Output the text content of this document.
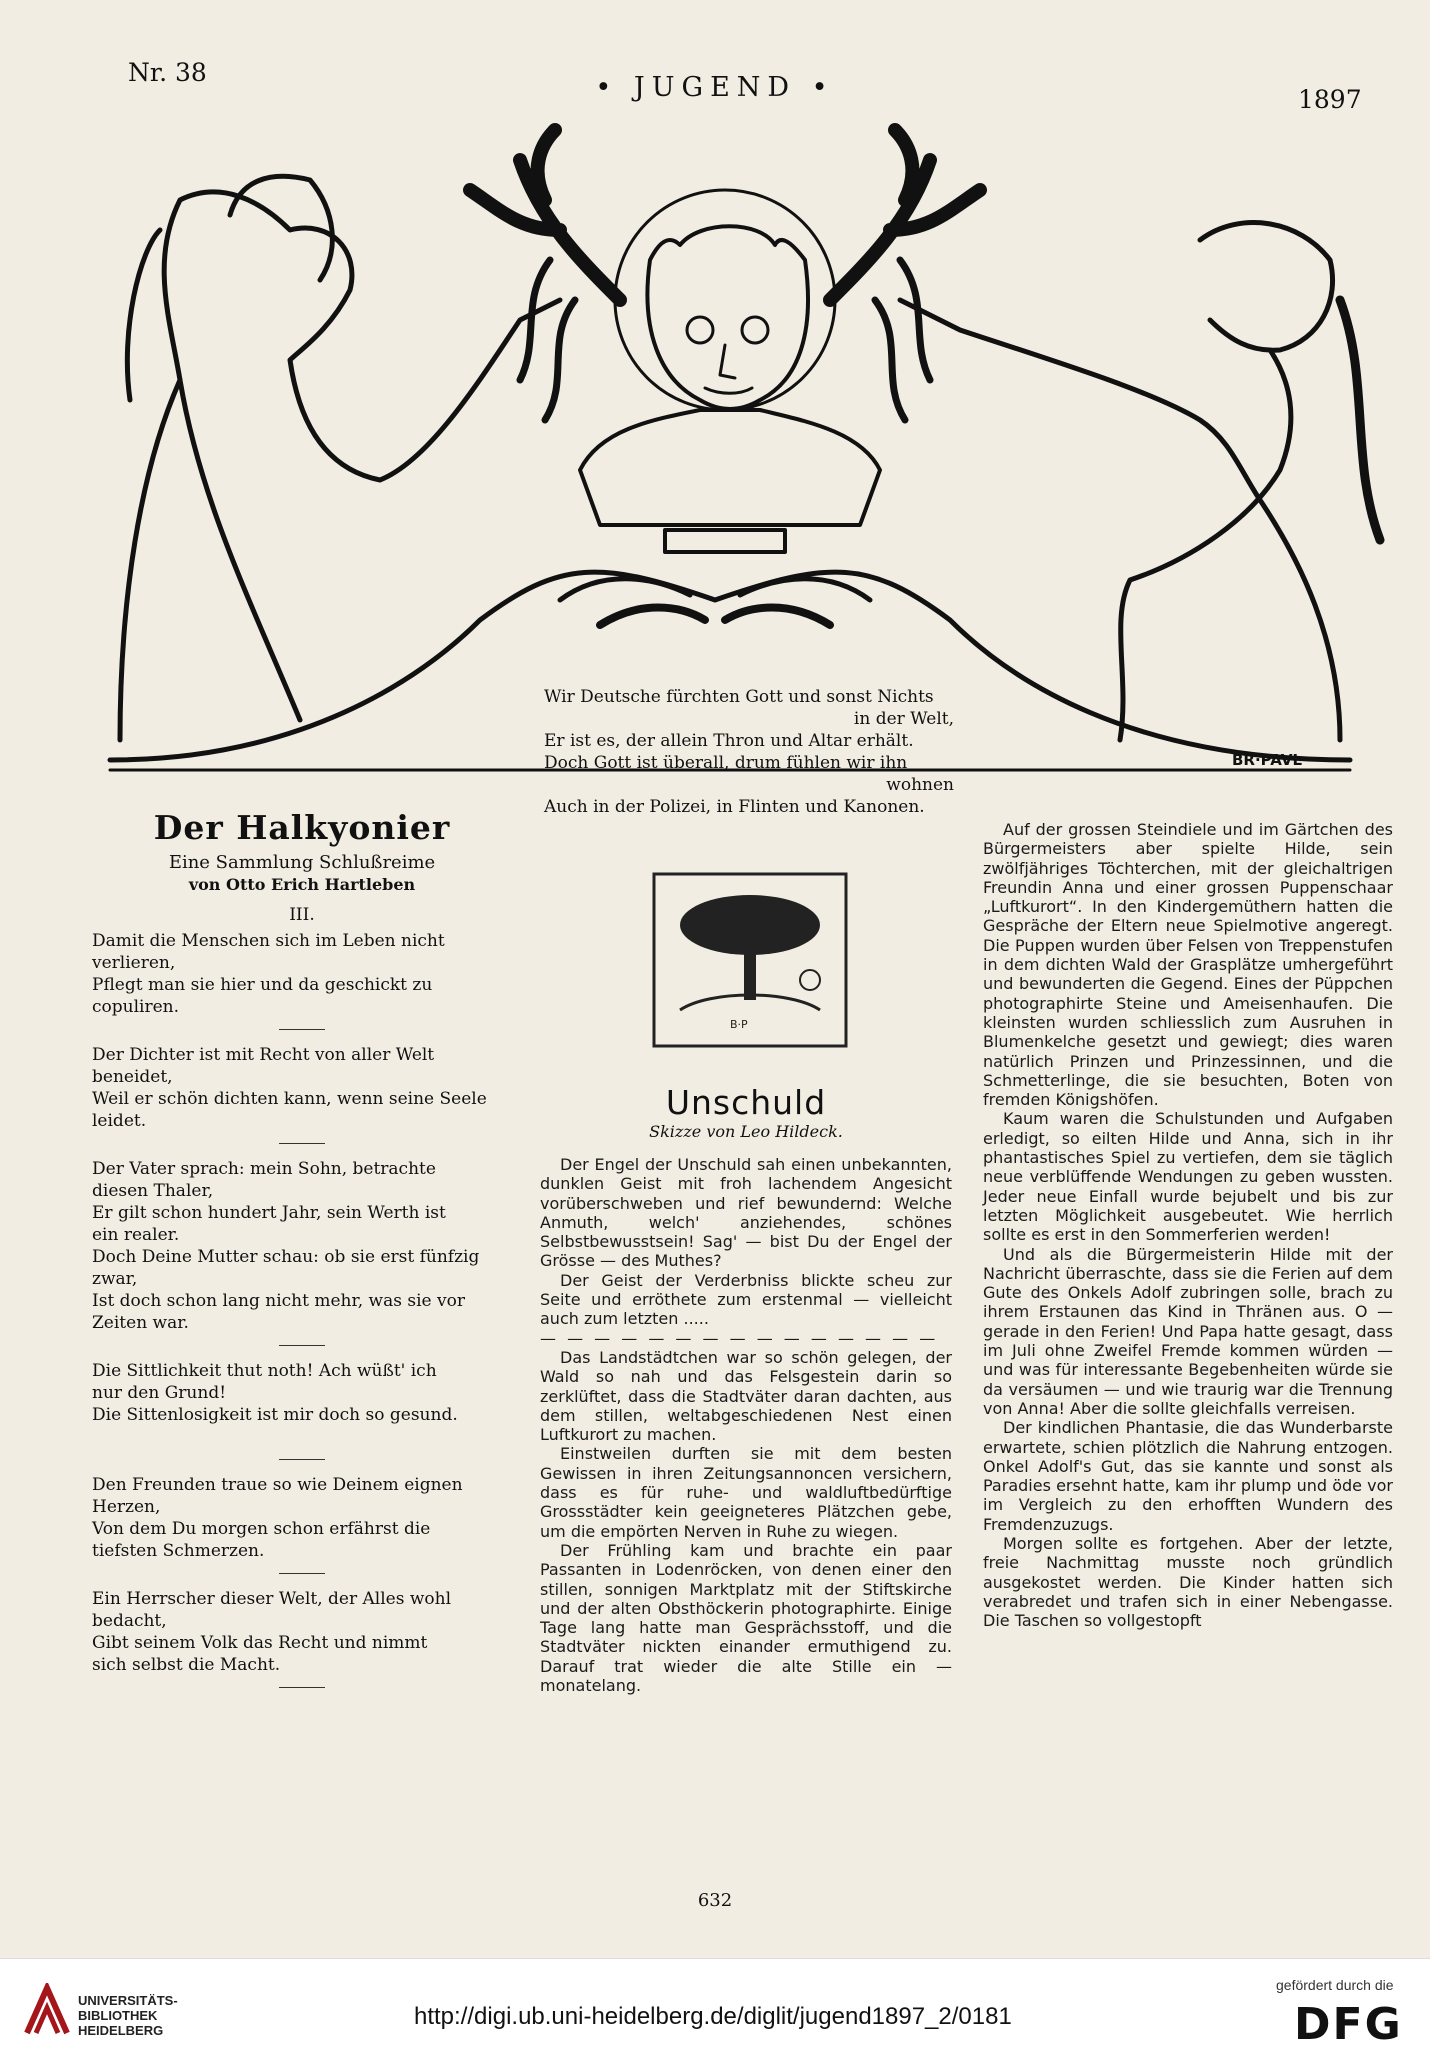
Nr. 38	• JUGEND •	1897
BR·PAVL·
Wir Deutsche fürchten Gott und sonst Nichts
in der Welt,
Er ist es, der allein Thron und Altar erhält.
Doch Gott ist überall, drum fühlen wir ihn
wohnen
Auch in der Polizei, in Flinten und Kanonen.
Der Halkyonier
Eine Sammlung Schlußreime
von Otto Erich Hartleben
III.
Damit die Menschen sich im Leben nicht
verlieren,
Pflegt man sie hier und da geschickt zu
copuliren.
Der Dichter ist mit Recht von aller Welt
beneidet,
Weil er schön dichten kann, wenn seine Seele
leidet.
Der Vater sprach: mein Sohn, betrachte
diesen Thaler,
Er gilt schon hundert Jahr, sein Werth ist
ein realer.
Doch Deine Mutter schau: ob sie erst fünfzig
zwar,
Ist doch schon lang nicht mehr, was sie vor
Zeiten war.
Die Sittlichkeit thut noth! Ach wüßt' ich
nur den Grund!
Die Sittenlosigkeit ist mir doch so gesund.
Den Freunden traue so wie Deinem eignen
Herzen,
Von dem Du morgen schon erfährst die
tiefsten Schmerzen.
Ein Herrscher dieser Welt, der Alles wohl
bedacht,
Gibt seinem Volk das Recht und nimmt
sich selbst die Macht.
B·P
Unschuld
Skizze von Leo Hildeck.

Der Engel der Unschuld sah einen unbekannten, dunklen Geist mit froh lachendem Angesicht vorüberschweben und rief bewundernd: Welche Anmuth, welch' anziehendes, schönes Selbstbewusstsein! Sag' — bist Du der Engel der Grösse — des Muthes?

Der Geist der Verderbniss blickte scheu zur Seite und erröthete zum erstenmal — vielleicht auch zum letzten .....

— — — — — — — — — — — — — — —

Das Landstädtchen war so schön gelegen, der Wald so nah und das Felsgestein darin so zerklüftet, dass die Stadtväter daran dachten, aus dem stillen, weltabgeschiedenen Nest einen Luftkurort zu machen.

Einstweilen durften sie mit dem besten Gewissen in ihren Zeitungsannoncen versichern, dass es für ruhe- und waldluftbedürftige Grossstädter kein geeigneteres Plätzchen gebe, um die empörten Nerven in Ruhe zu wiegen.

Der Frühling kam und brachte ein paar Passanten in Lodenröcken, von denen einer den stillen, sonnigen Marktplatz mit der Stiftskirche und der alten Obsthöckerin photographirte. Einige Tage lang hatte man Gesprächsstoff, und die Stadtväter nickten einander ermuthigend zu. Darauf trat wieder die alte Stille ein — monatelang.

Auf der grossen Steindiele und im Gärtchen des Bürgermeisters aber spielte Hilde, sein zwölfjähriges Töchterchen, mit der gleichaltrigen Freundin Anna und einer grossen Puppenschaar „Luftkurort“. In den Kindergemüthern hatten die Gespräche der Eltern neue Spielmotive angeregt. Die Puppen wurden über Felsen von Treppenstufen in dem dichten Wald der Grasplätze umhergeführt und bewunderten die Gegend. Eines der Püppchen photographirte Steine und Ameisenhaufen. Die kleinsten wurden schliesslich zum Ausruhen in Blumenkelche gesetzt und gewiegt; dies waren natürlich Prinzen und Prinzessinnen, und die Schmetterlinge, die sie besuchten, Boten von fremden Königshöfen.

Kaum waren die Schulstunden und Aufgaben erledigt, so eilten Hilde und Anna, sich in ihr phantastisches Spiel zu vertiefen, dem sie täglich neue verblüffende Wendungen zu geben wussten. Jeder neue Einfall wurde bejubelt und bis zur letzten Möglichkeit ausgebeutet. Wie herrlich sollte es erst in den Sommerferien werden!

Und als die Bürgermeisterin Hilde mit der Nachricht überraschte, dass sie die Ferien auf dem Gute des Onkels Adolf zubringen solle, brach zu ihrem Erstaunen das Kind in Thränen aus. O — gerade in den Ferien! Und Papa hatte gesagt, dass im Juli ohne Zweifel Fremde kommen würden — und was für interessante Begebenheiten würde sie da versäumen — und wie traurig war die Trennung von Anna! Aber die sollte gleichfalls verreisen.

Der kindlichen Phantasie, die das Wunderbarste erwartete, schien plötzlich die Nahrung entzogen. Onkel Adolf's Gut, das sie kannte und sonst als Paradies ersehnt hatte, kam ihr plump und öde vor im Vergleich zu den erhofften Wundern des Fremdenzuzugs.

Morgen sollte es fortgehen. Aber der letzte, freie Nachmittag musste noch gründlich ausgekostet werden. Die Kinder hatten sich verabredet und trafen sich in einer Nebengasse. Die Taschen so vollgestopft

632
UNIVERSITÄTS-
BIBLIOTHEK
HEIDELBERG
http://digi.ub.uni-heidelberg.de/diglit/jugend1897_2/0181
gefördert durch die
DFG
